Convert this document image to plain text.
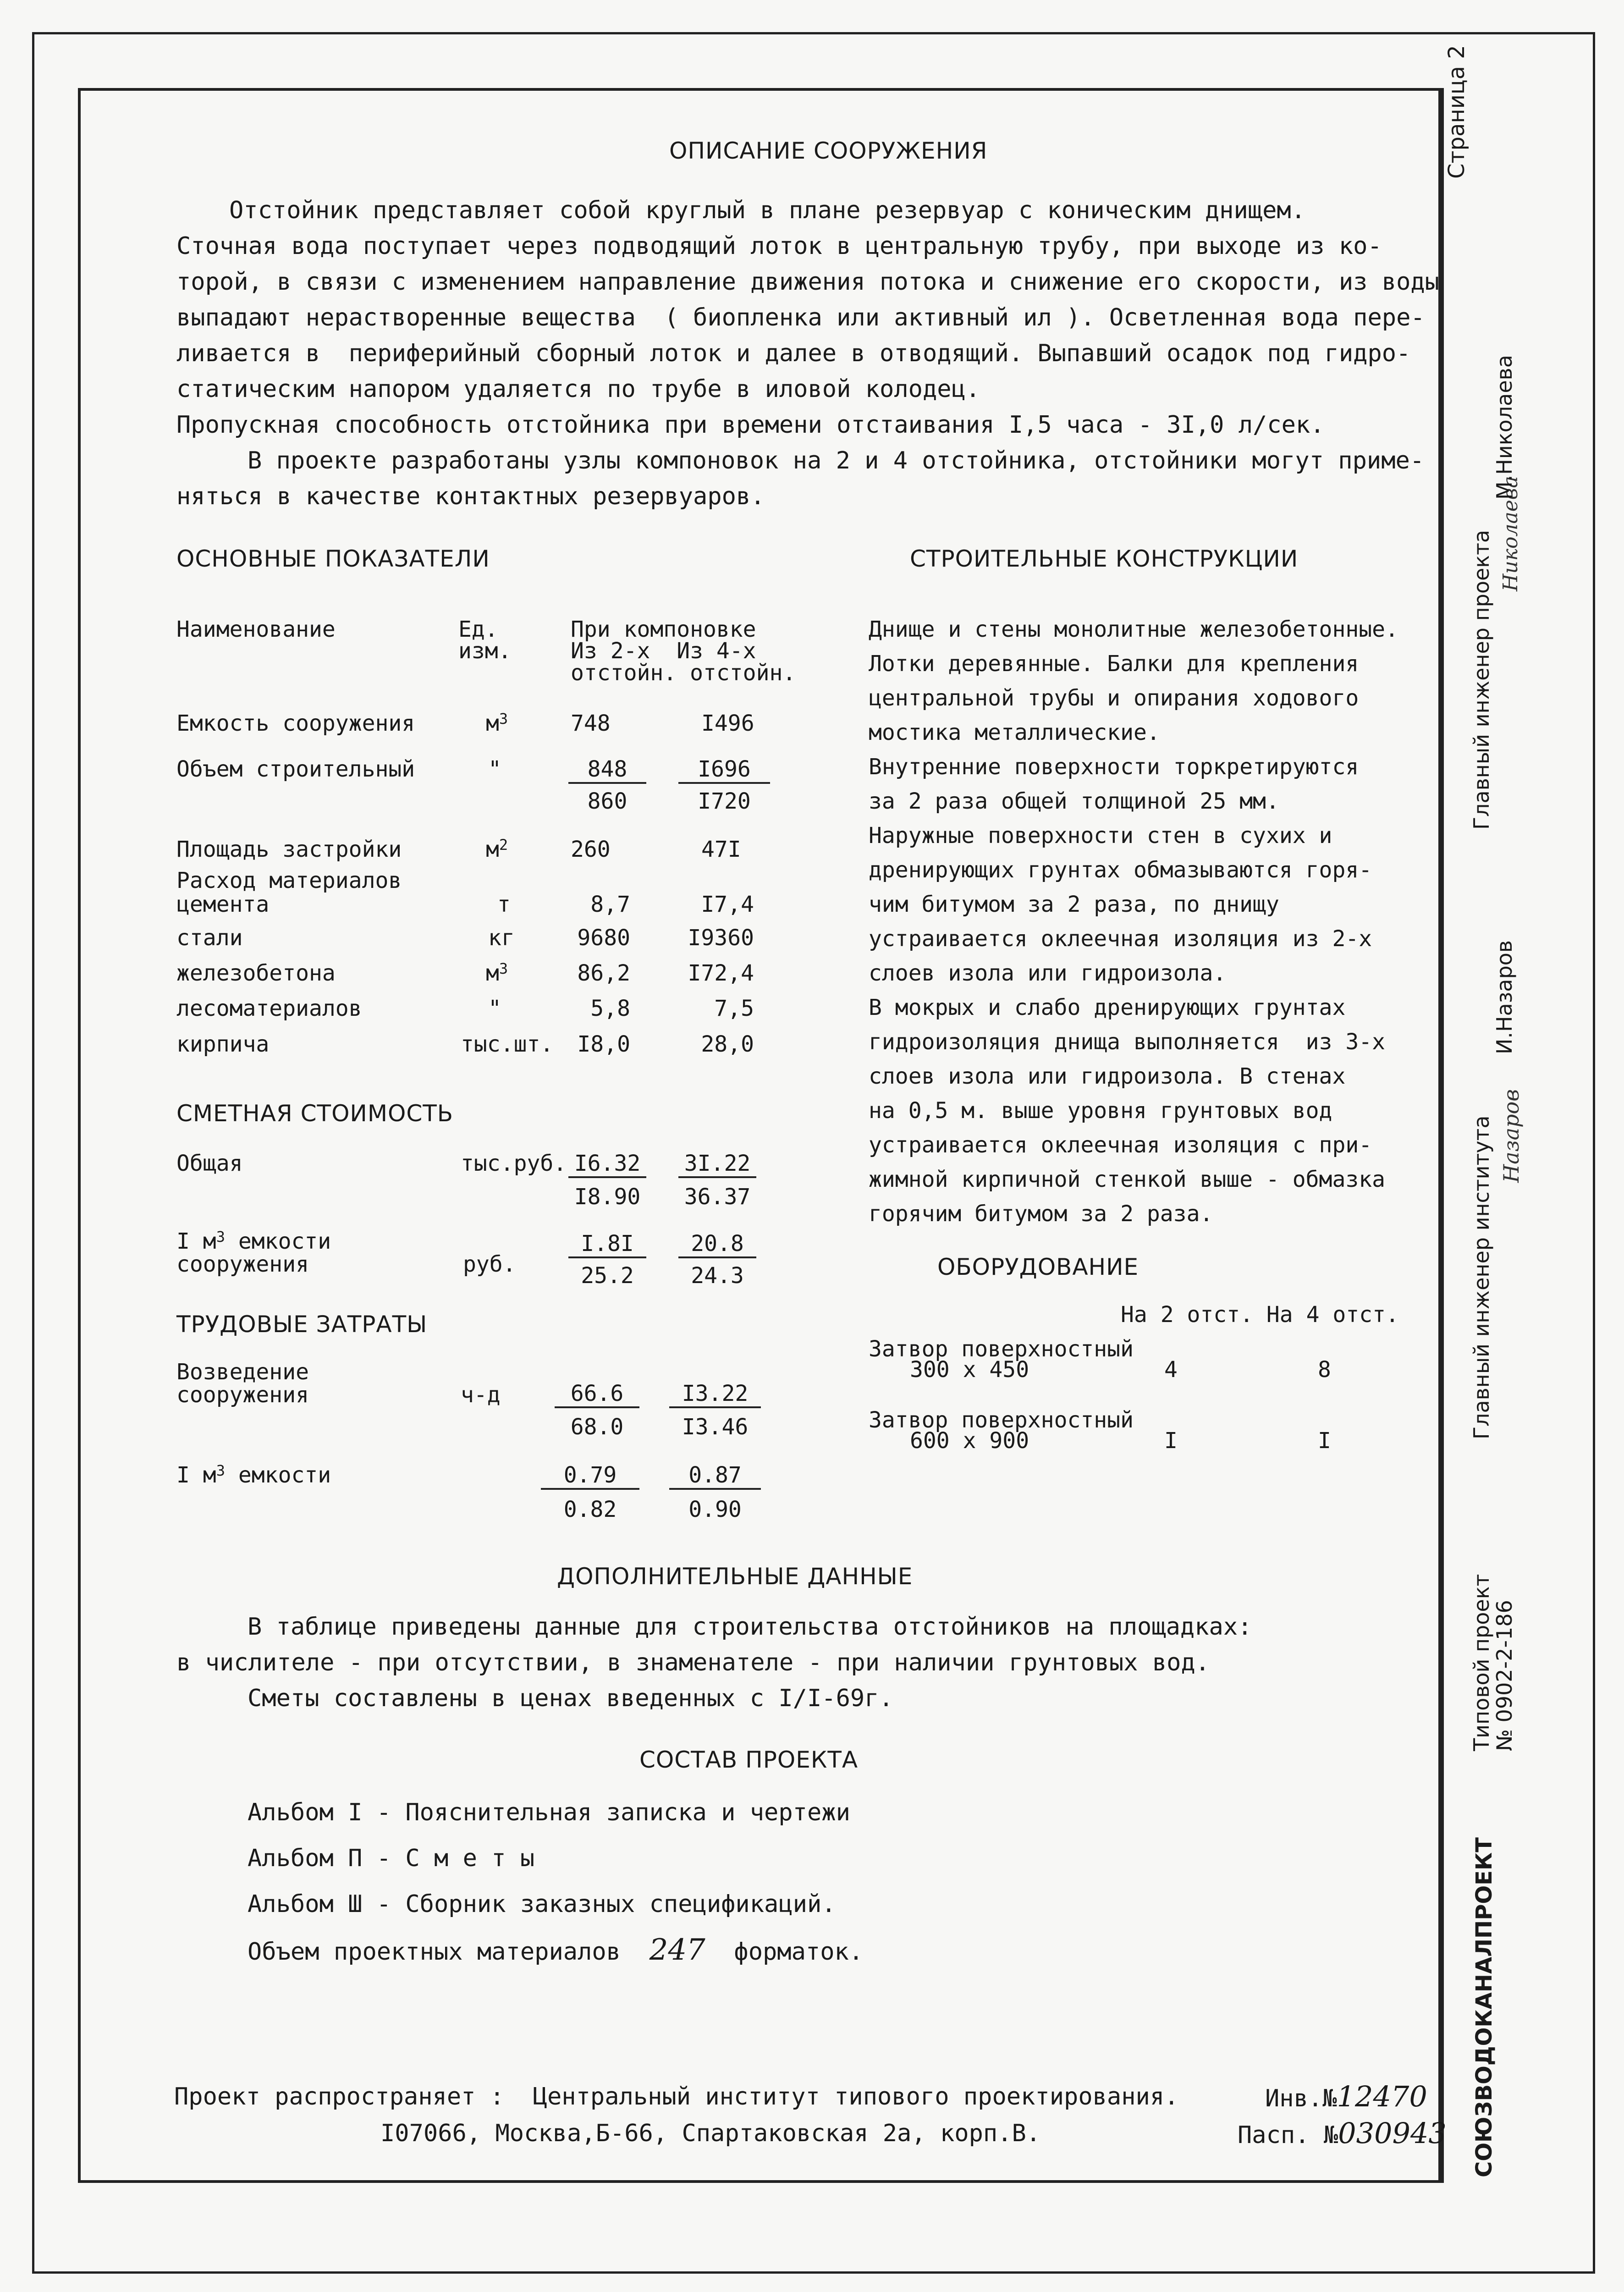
ОПИСАНИЕ СООРУЖЕНИЯ
Отстойник представляет собой круглый в плане резервуар с коническим днищем.
Сточная вода поступает через подводящий лоток в центральную трубу, при выходе из ко-
торой, в связи с изменением направление движения потока и снижение его скорости, из воды
выпадают нерастворенные вещества  ( биопленка или активный ил ). Осветленная вода пере-
ливается в  периферийный сборный лоток и далее в отводящий. Выпавший осадок под гидро-
статическим напором удаляется по трубе в иловой колодец.
Пропускная способность отстойника при времени отстаивания I,5 часа - 3I,0 л/сек.
В проекте разработаны узлы компоновок на 2 и 4 отстойника, отстойники могут приме-
няться в качестве контактных резервуаров.
ОСНОВНЫЕ ПОКАЗАТЕЛИ
Наименование	Ед.
изм.
При компоновке
Из 2-х  Из 4-х
отстойн. отстойн.
Емкость сооружения	$м^3$	748	I496
Объем строительный	"	848	I696
860	I720
Площадь застройки	$м^2$	260	47I
Расход материалов
цемента	т	8,7	I7,4
стали	кг	9680	I9360
железобетона	$м^3$	86,2	I72,4
лесоматериалов	"	5,8	7,5
кирпича	тыс.шт.	I8,0	28,0
СМЕТНАЯ СТОИМОСТЬ
Общая	тыс.руб. I6.32 3I.22
I8.90 36.37
I $м^3$ емкости
сооружения	руб.
I.8I	20.8
25.2	24.3
ТРУДОВЫЕ ЗАТРАТЫ
Возведение
сооружения	ч-д	66.6	I3.22
68.0	I3.46
I $м^3$ емкости	0.79	0.87
0.82	0.90
СТРОИТЕЛЬНЫЕ КОНСТРУКЦИИ
Днище и стены монолитные железобетонные.
Лотки деревянные. Балки для крепления
центральной трубы и опирания ходового
мостика металлические.
Внутренние поверхности торкретируются
за 2 раза общей толщиной 25 мм.
Наружные поверхности стен в сухих и
дренирующих грунтах обмазываются горя-
чим битумом за 2 раза, по днищу
устраивается оклеечная изоляция из 2-х
слоев изола или гидроизола.
В мокрых и слабо дренирующих грунтах
гидроизоляция днища выполняется  из 3-х
слоев изола или гидроизола. В стенах
на 0,5 м. выше уровня грунтовых вод
устраивается оклеечная изоляция с при-
жимной кирпичной стенкой выше - обмазка
горячим битумом за 2 раза.
ОБОРУДОВАНИЕ
На 2 отст. На 4 отст.
Затвор поверхностный
300 х 450	4	8
Затвор поверхностный
600 х 900	I	I
ДОПОЛНИТЕЛЬНЫЕ ДАННЫЕ
В таблице приведены данные для строительства отстойников на площадках:
в числителе - при отсутствии, в знаменателе - при наличии грунтовых вод.
Сметы составлены в ценах введенных с I/I-69г.
СОСТАВ ПРОЕКТА
Альбом I - Пояснительная записка и чертежи
Альбом П - С м е т ы
Альбом Ш - Сборник заказных спецификаций.
Объем проектных материалов 247 форматок.
Проект распространяет :  Центральный институт типового проектирования.
I07066, Москва,Б-66, Спартаковская 2а, корп.В.
Инв.№12470
Пасп. №030943
Страница 2
Главный инженер проекта Николаева
М.Николаева
Главный инженер института Назаров
И.Назаров
Типовой проект
№ 0902-2-186
СОЮЗВОДОКАНАЛПРОЕКТ
